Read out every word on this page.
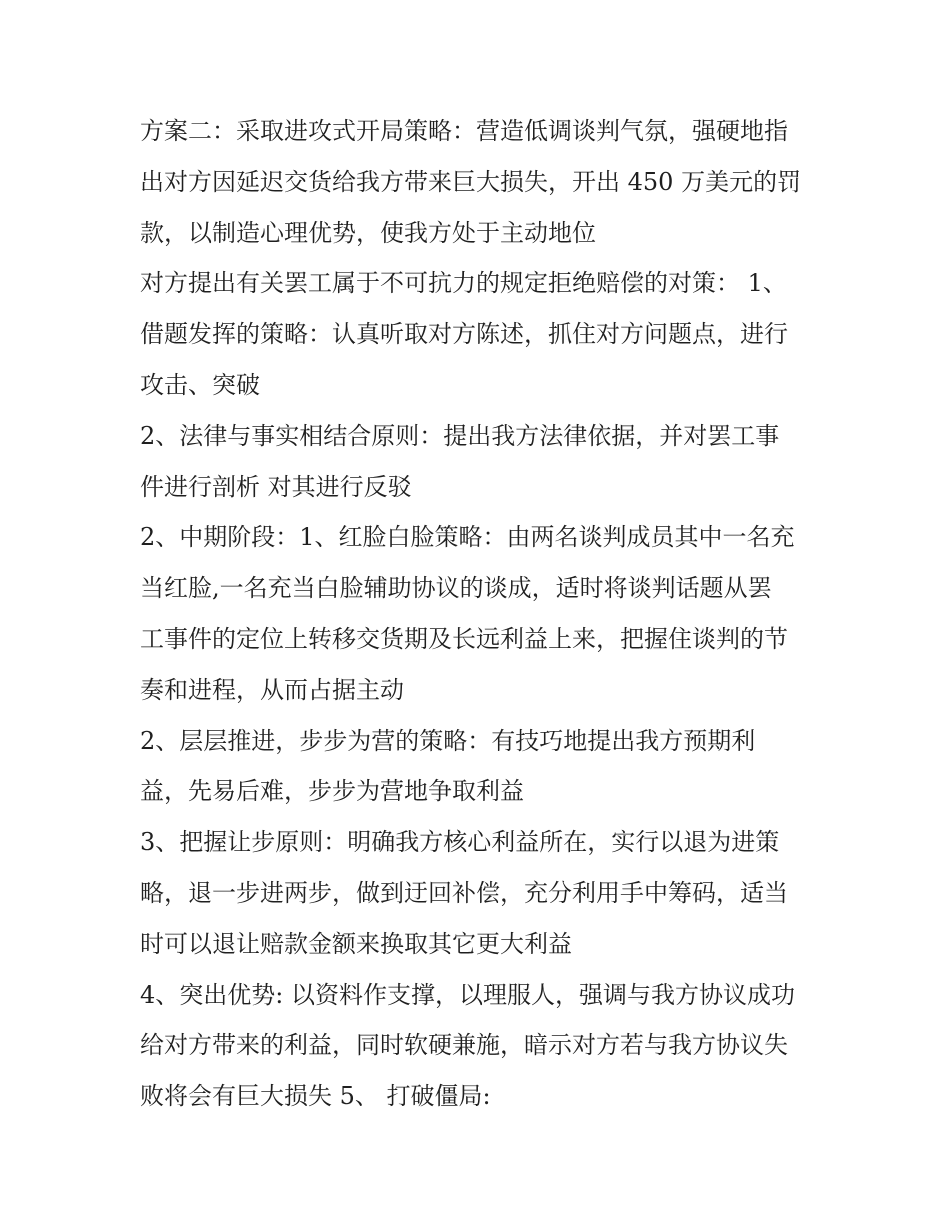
方案二：采取进攻式开局策略：营造低调谈判气氛，强硬地指
出对方因延迟交货给我方带来巨大损失，开出 450 万美元的罚
款，以制造心理优势，使我方处于主动地位
对方提出有关罢工属于不可抗力的规定拒绝赔偿的对策： 1、
借题发挥的策略：认真听取对方陈述，抓住对方问题点，进行
攻击、突破
2、法律与事实相结合原则：提出我方法律依据，并对罢工事
件进行剖析 对其进行反驳
2、中期阶段：1、红脸白脸策略：由两名谈判成员其中一名充
当红脸,一名充当白脸辅助协议的谈成，适时将谈判话题从罢
工事件的定位上转移交货期及长远利益上来，把握住谈判的节
奏和进程，从而占据主动
2、层层推进，步步为营的策略：有技巧地提出我方预期利
益，先易后难，步步为营地争取利益
3、把握让步原则：明确我方核心利益所在，实行以退为进策
略，退一步进两步，做到迂回补偿，充分利用手中筹码，适当
时可以退让赔款金额来换取其它更大利益
4、突出优势: 以资料作支撑，以理服人，强调与我方协议成功
给对方带来的利益，同时软硬兼施，暗示对方若与我方协议失
败将会有巨大损失 5、 打破僵局:
